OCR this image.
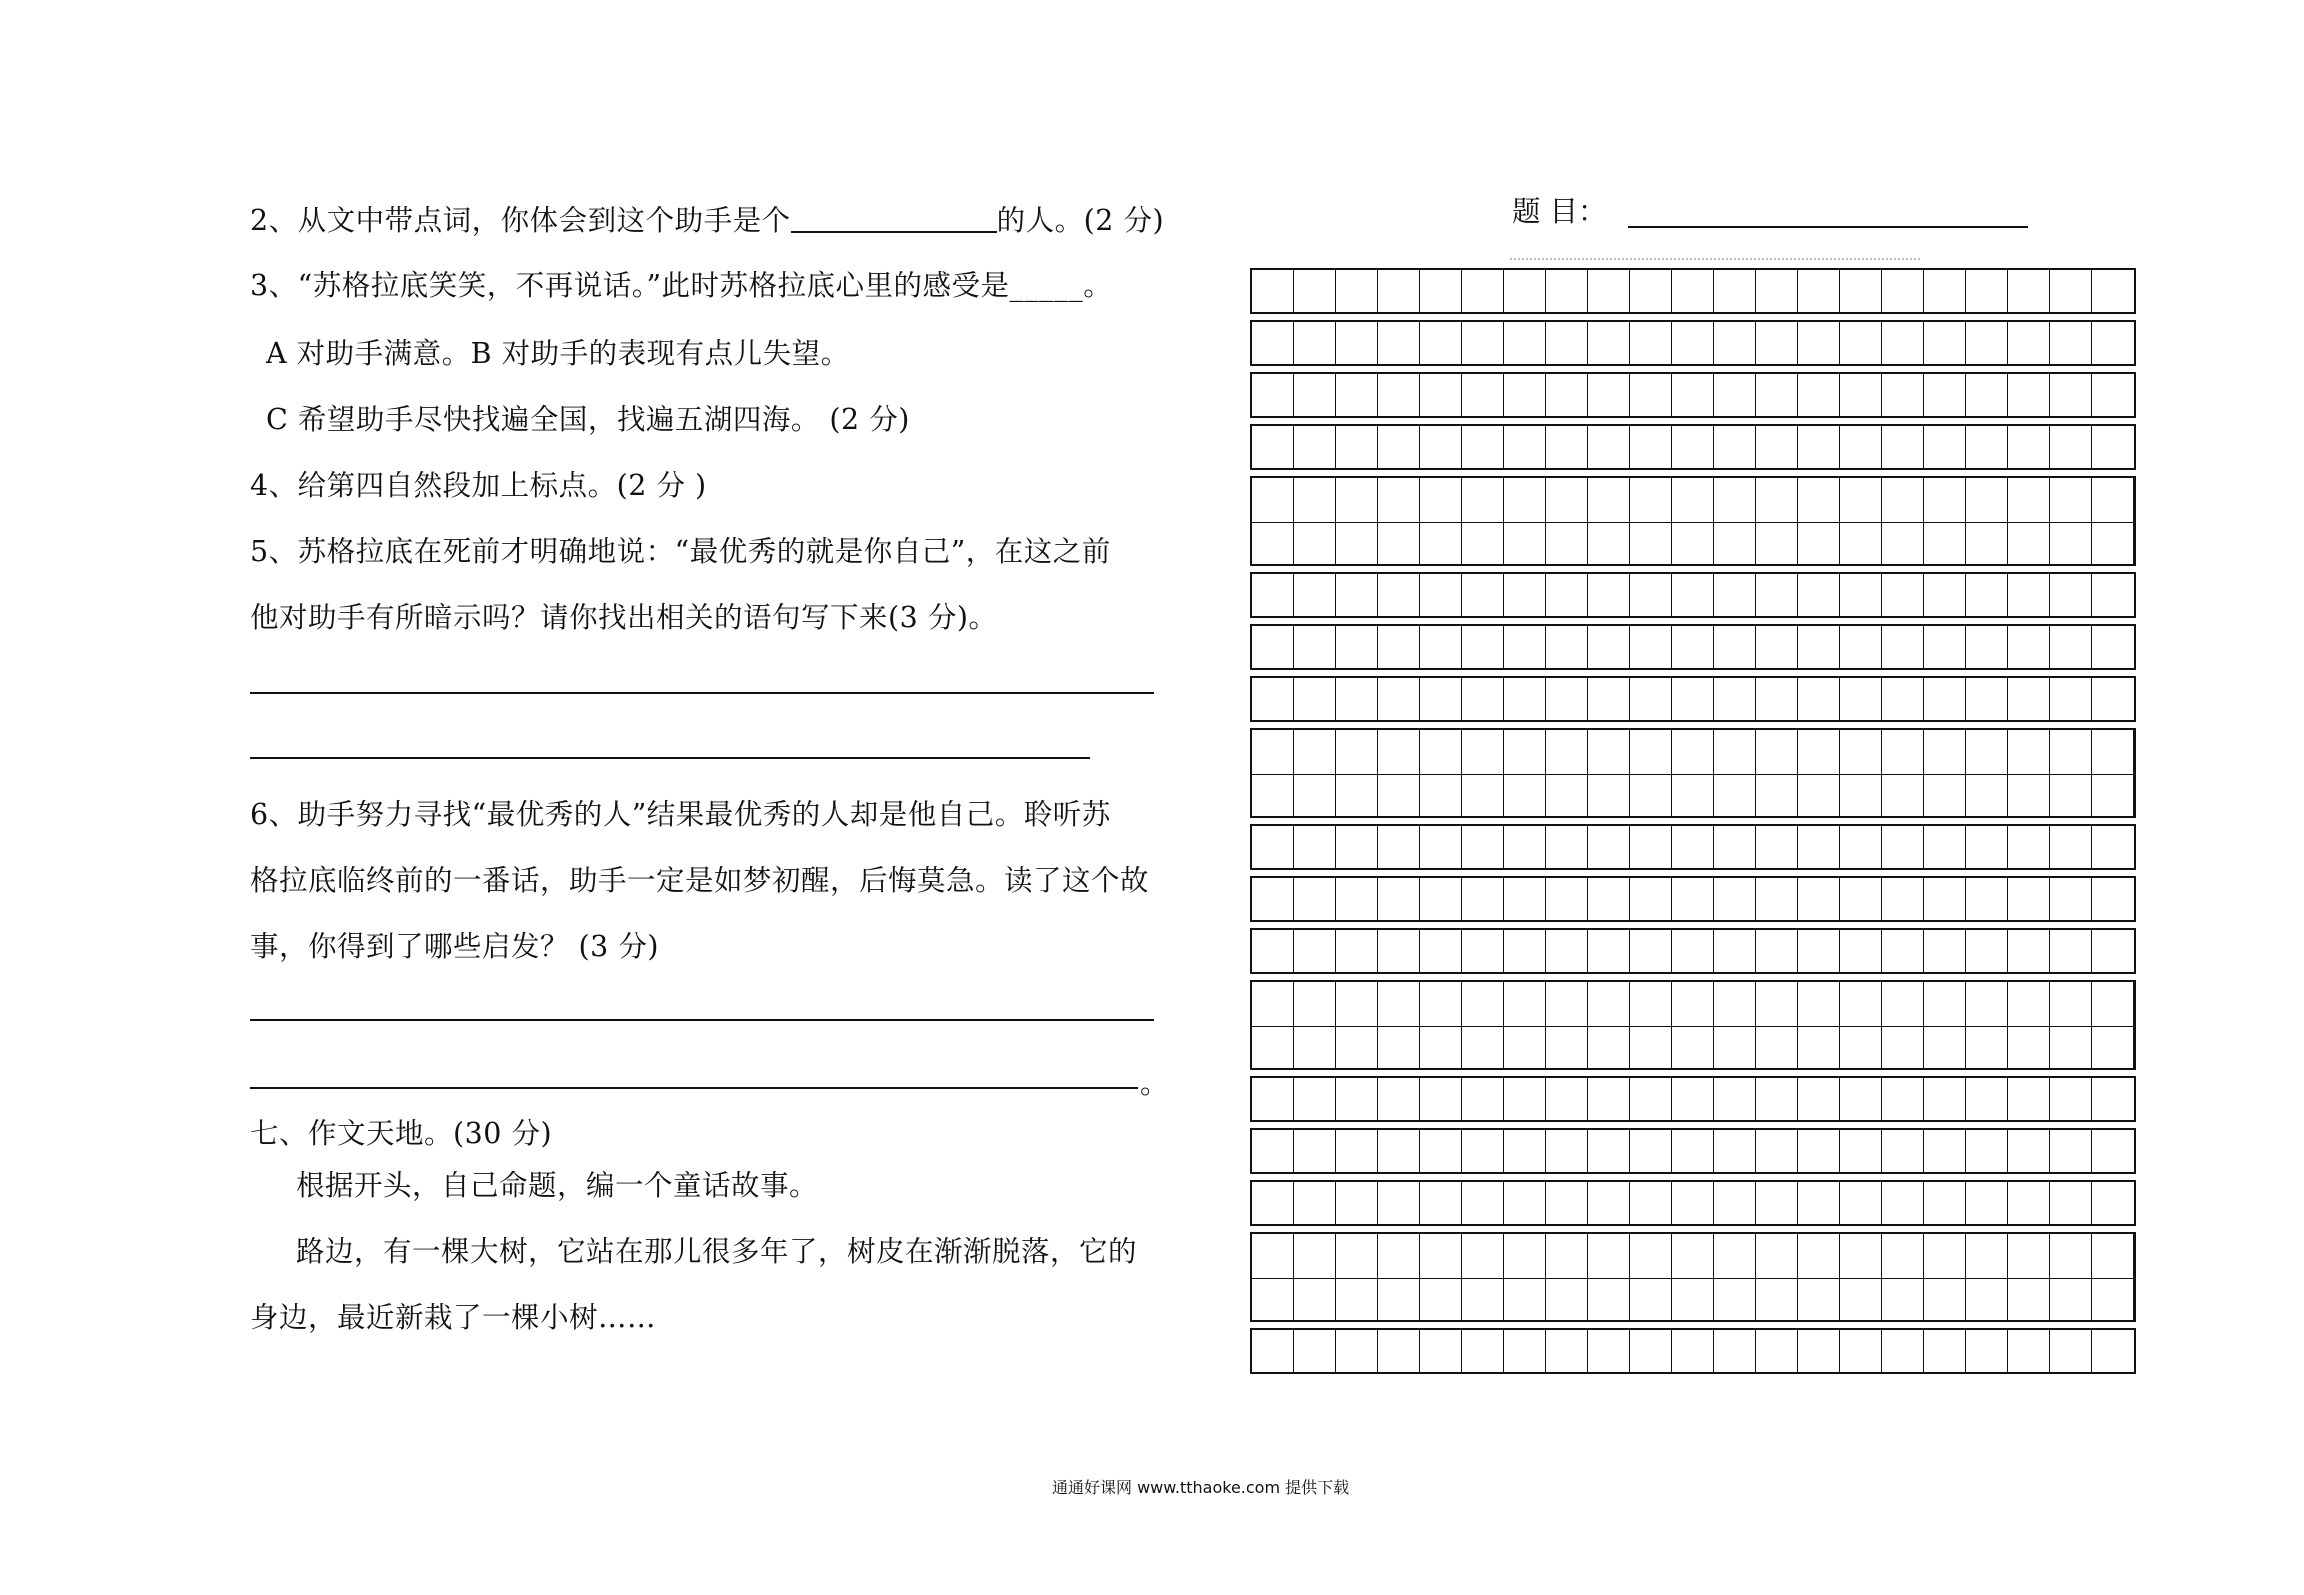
2、从文中带点词，你体会到这个助手是个	的人。(2 分)
3、“苏格拉底笑笑，不再说话。”此时苏格拉底心里的感受是_____。
A 对助手满意。B 对助手的表现有点儿失望。
C 希望助手尽快找遍全国，找遍五湖四海。 (2 分)
4、给第四自然段加上标点。(2 分 )
5、苏格拉底在死前才明确地说：“最优秀的就是你自己”，在这之前
他对助手有所暗示吗？请你找出相关的语句写下来(3 分)。
6、助手努力寻找“最优秀的人”结果最优秀的人却是他自己。聆听苏
格拉底临终前的一番话，助手一定是如梦初醒，后悔莫急。读了这个故
事，你得到了哪些启发？ (3 分)
。
七、作文天地。(30 分)
根据开头，自己命题，编一个童话故事。
路边，有一棵大树，它站在那儿很多年了，树皮在渐渐脱落，它的
身边，最近新栽了一棵小树……
题 目：
通通好课网 www.tthaoke.com 提供下载
